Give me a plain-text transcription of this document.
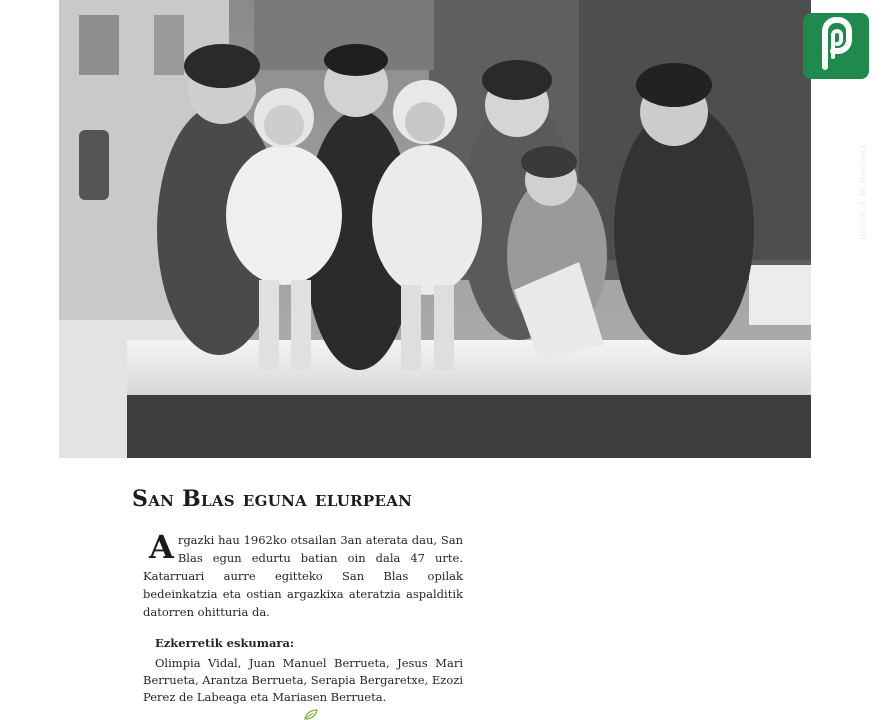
Iturria: J. M. Berrueta
San Blas eguna elurpean

Argazki hau 1962ko otsailan 3an aterata dau, San Blas egun edurtu batian oin dala 47 urte. Katarruari aurre egitteko San Blas opilak bedeinkatzia eta ostian argazkixa ateratzia aspalditik datorren ohitturia da.

Ezkerretik eskumara:

Olimpia Vidal, Juan Manuel Berrueta, Jesus Mari Berrueta, Arantza Berrueta, Serapia Bergaretxe, Ezozi Perez de Labeaga eta Mariasen Berrueta.
